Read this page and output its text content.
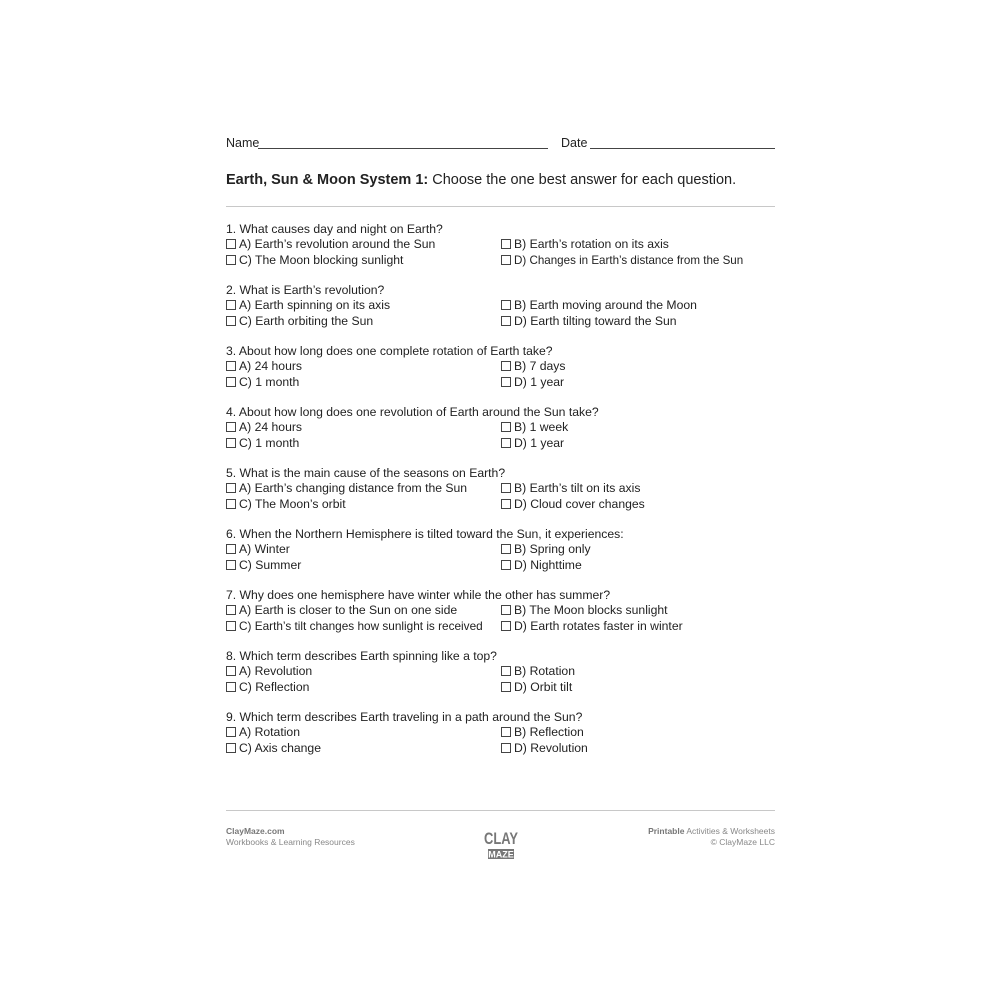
Name	Date
Earth, Sun & Moon System 1: Choose the one best answer for each question.
1. What causes day and night on Earth?
A) Earth’s revolution around the Sun	B) Earth’s rotation on its axis
C) The Moon blocking sunlight	D) Changes in Earth’s distance from the Sun
2. What is Earth’s revolution?
A) Earth spinning on its axis	B) Earth moving around the Moon
C) Earth orbiting the Sun	D) Earth tilting toward the Sun
3. About how long does one complete rotation of Earth take?
A) 24 hours	B) 7 days
C) 1 month	D) 1 year
4. About how long does one revolution of Earth around the Sun take?
A) 24 hours	B) 1 week
C) 1 month	D) 1 year
5. What is the main cause of the seasons on Earth?
A) Earth’s changing distance from the Sun	B) Earth’s tilt on its axis
C) The Moon’s orbit	D) Cloud cover changes
6. When the Northern Hemisphere is tilted toward the Sun, it experiences:
A) Winter	B) Spring only
C) Summer	D) Nighttime
7. Why does one hemisphere have winter while the other has summer?
A) Earth is closer to the Sun on one side	B) The Moon blocks sunlight
C) Earth’s tilt changes how sunlight is received	D) Earth rotates faster in winter
8. Which term describes Earth spinning like a top?
A) Revolution	B) Rotation
C) Reflection	D) Orbit tilt
9. Which term describes Earth traveling in a path around the Sun?
A) Rotation	B) Reflection
C) Axis change	D) Revolution
ClayMaze.com
Workbooks & Learning Resources	CLAY
MAZE
Printable Activities & Worksheets
© ClayMaze LLC
